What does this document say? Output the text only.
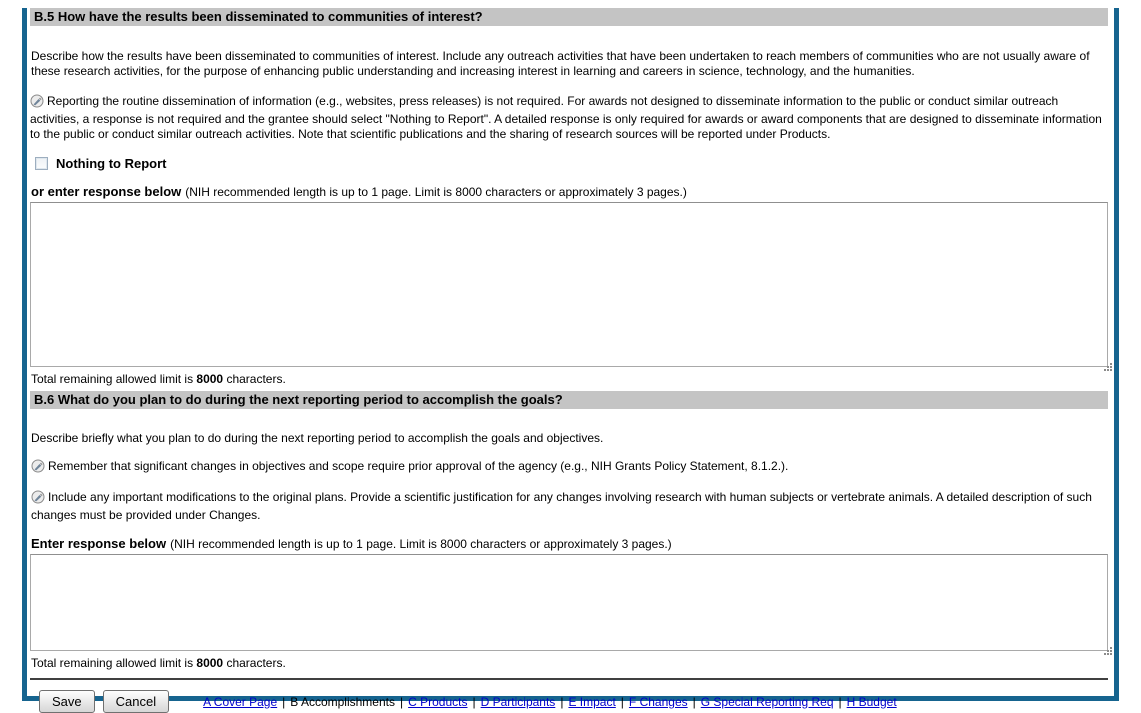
B.5 How have the results been disseminated to communities of interest?

Describe how the results have been disseminated to communities of interest. Include any outreach activities that have been undertaken to reach members of communities who are not usually aware of these research activities, for the purpose of enhancing public understanding and increasing interest in learning and careers in science, technology, and the humanities.

Reporting the routine dissemination of information (e.g., websites, press releases) is not required. For awards not designed to disseminate information to the public or conduct similar outreach activities, a response is not required and the grantee should select "Nothing to Report". A detailed response is only required for awards or award components that are designed to disseminate information to the public or conduct similar outreach activities. Note that scientific publications and the sharing of research sources will be reported under Products.

Nothing to Report
or enter response below (NIH recommended length is up to 1 page. Limit is 8000 characters or approximately 3 pages.)
Total remaining allowed limit is 8000 characters.
B.6 What do you plan to do during the next reporting period to accomplish the goals?

Describe briefly what you plan to do during the next reporting period to accomplish the goals and objectives.

Remember that significant changes in objectives and scope require prior approval of the agency (e.g., NIH Grants Policy Statement, 8.1.2.).

Include any important modifications to the original plans. Provide a scientific justification for any changes involving research with human subjects or vertebrate animals. A detailed description of such changes must be provided under Changes.

Enter response below (NIH recommended length is up to 1 page. Limit is 8000 characters or approximately 3 pages.)
Total remaining allowed limit is 8000 characters.
Save	Cancel	A Cover Page | B Accomplishments | C Products | D Participants | E Impact | F Changes | G Special Reporting Req | H Budget
